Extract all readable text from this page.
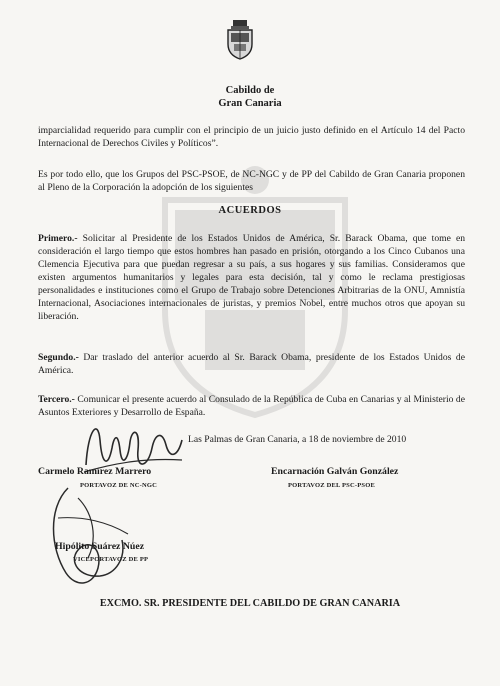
Cabildo de
Gran Canaria
imparcialidad requerido para cumplir con el principio de un juicio justo definido en el Artículo 14 del Pacto Internacional de Derechos Civiles y Políticos”.
Es por todo ello, que los Grupos del PSC-PSOE, de NC-NGC y de PP del Cabildo de Gran Canaria proponen al Pleno de la Corporación la adopción de los siguientes
ACUERDOS
Primero.- Solicitar al Presidente de los Estados Unidos de América, Sr. Barack Obama, que tome en consideración el largo tiempo que estos hombres han pasado en prisión, otorgando a los Cinco Cubanos una Clemencia Ejecutiva para que puedan regresar a su país, a sus hogares y sus familias. Consideramos que existen argumentos humanitarios y legales para esta decisión, tal y como le reclama prestigiosas personalidades e instituciones como el Grupo de Trabajo sobre Detenciones Arbitrarias de la ONU, Amnistía Internacional, Asociaciones internacionales de juristas, y premios Nobel, entre muchos otros que apoyan su liberación.
Segundo.- Dar traslado del anterior acuerdo al Sr. Barack Obama, presidente de los Estados Unidos de América.
Tercero.- Comunicar el presente acuerdo al Consulado de la República de Cuba en Canarias y al Ministerio de Asuntos Exteriores y Desarrollo de España.
Las Palmas de Gran Canaria, a 18 de noviembre de 2010
Carmelo Ramírez Marrero
PORTAVOZ DE NC-NGC
Encarnación Galván González
PORTAVOZ DEL PSC-PSOE
Hipólito Suárez Núez
VICEPORTAVOZ DE PP
EXCMO. SR. PRESIDENTE DEL CABILDO DE GRAN CANARIA
